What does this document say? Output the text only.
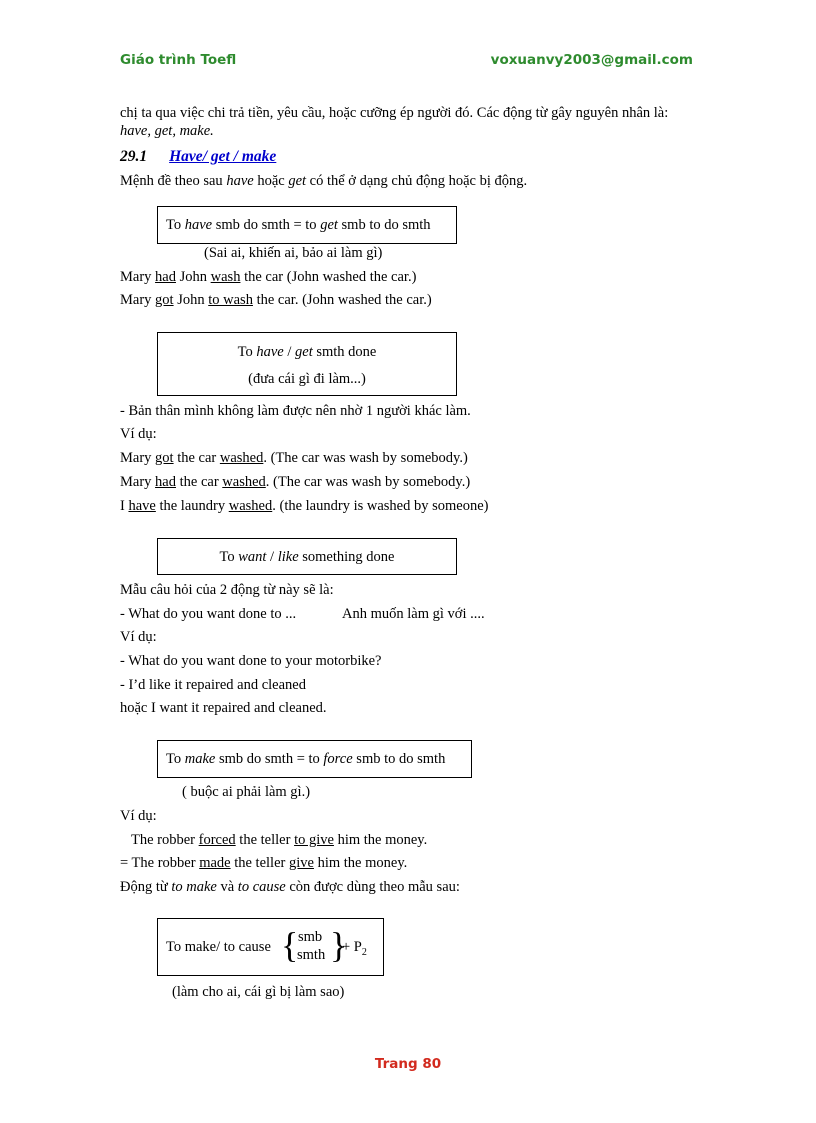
Giáo trình Toefl	voxuanvy2003@gmail.com
chị ta qua việc chi trả tiền, yêu cầu, hoặc cưỡng ép người đó. Các động từ gây nguyên nhân là:
have, get, make.
29.1 Have/ get / make
Mệnh đề theo sau have hoặc get có thể ở dạng chủ động hoặc bị động.
To have smb do smth = to get smb to do smth
(Sai ai, khiến ai, bảo ai làm gì)
Mary had John wash the car (John washed the car.)
Mary got John to wash the car. (John washed the car.)
To have / get smth done
(đưa cái gì đi làm...)
- Bản thân mình không làm được nên nhờ 1 người khác làm.
Ví dụ:
Mary got the car washed. (The car was wash by somebody.)
Mary had the car washed. (The car was wash by somebody.)
I have the laundry washed. (the laundry is washed by someone)
To want / like something done
Mẫu câu hỏi của 2 động từ này sẽ là:
- What do you want done to ...	Anh muốn làm gì với ....
Ví dụ:
- What do you want done to your motorbike?
- I’d like it repaired and cleaned
hoặc I want it repaired and cleaned.
To make smb do smth = to force smb to do smth
( buộc ai phải làm gì.)
Ví dụ:
The robber forced the teller to give him the money.
= The robber made the teller give him the money.
Động từ to make và to cause còn được dùng theo mẫu sau:
To make/ to cause { smb
smth }
+ $P_2$
(làm cho ai, cái gì bị làm sao)
Trang 80
